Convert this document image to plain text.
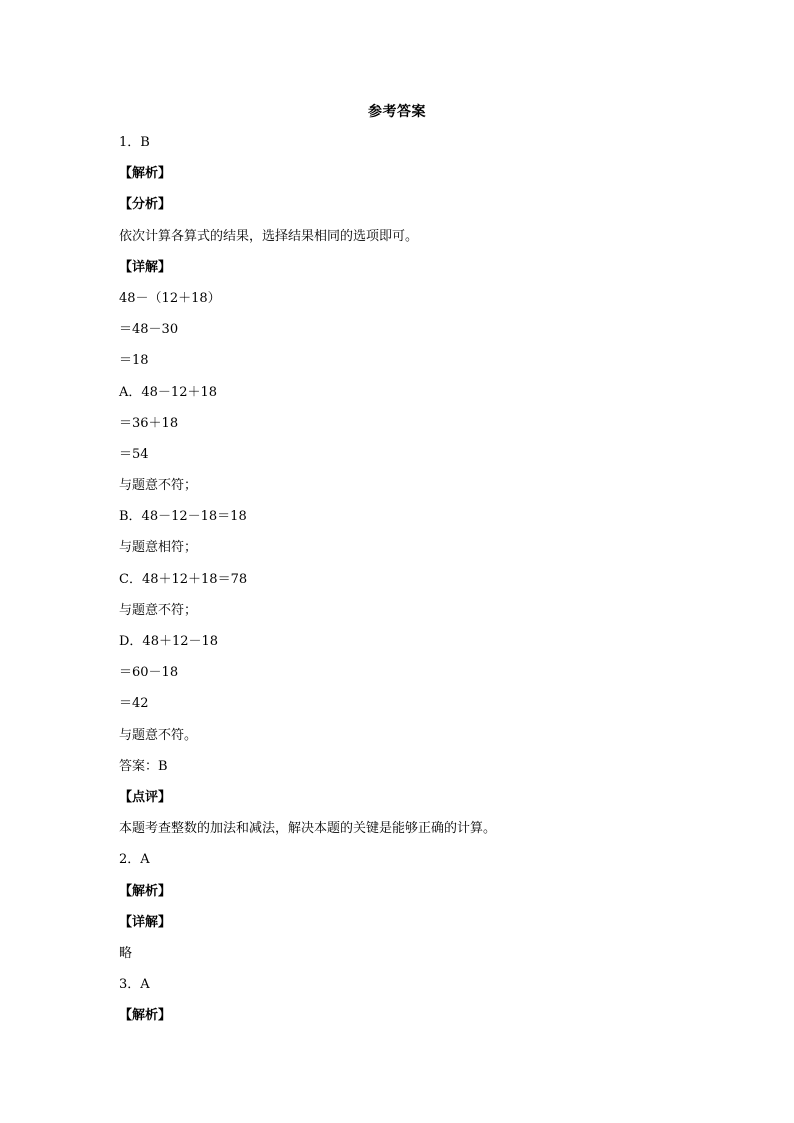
参考答案
1．B
【解析】
【分析】
依次计算各算式的结果，选择结果相同的选项即可。
【详解】
48－（12＋18）
＝48－30
＝18
A．48－12＋18
＝36＋18
＝54
与题意不符；
B．48－12－18＝18
与题意相符；
C．48＋12＋18＝78
与题意不符；
D．48＋12－18
＝60－18
＝42
与题意不符。
答案：B
【点评】
本题考查整数的加法和减法，解决本题的关键是能够正确的计算。
2．A
【解析】
【详解】
略
3．A
【解析】
